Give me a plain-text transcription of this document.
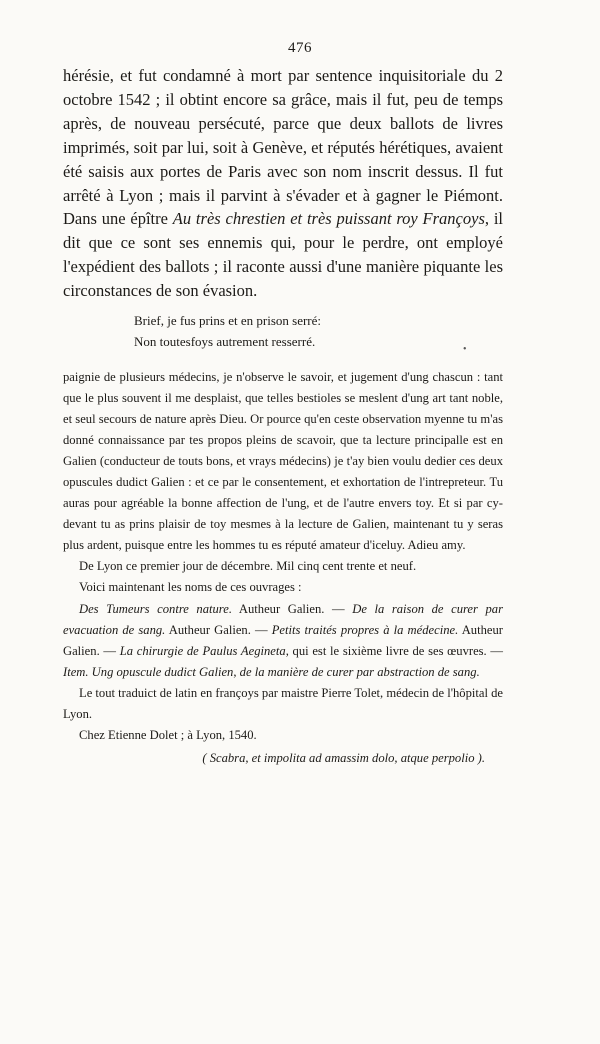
476

hérésie, et fut condamné à mort par sentence inquisitoriale du 2 octobre 1542 ; il obtint encore sa grâce, mais il fut, peu de temps après, de nouveau persécuté, parce que deux ballots de livres imprimés, soit par lui, soit à Genève, et réputés hérétiques, avaient été saisis aux portes de Paris avec son nom inscrit dessus. Il fut arrêté à Lyon ; mais il parvint à s'évader et à gagner le Piémont. Dans une épître Au très chrestien et très puissant roy Françoys, il dit que ce sont ses ennemis qui, pour le perdre, ont employé l'expédient des ballots ; il raconte aussi d'une manière piquante les circonstances de son évasion.

Brief, je fus prins et en prison serré:
Non toutesfoys autrement resserré.
•

paignie de plusieurs médecins, je n'observe le savoir, et jugement d'ung chascun : tant que le plus souvent il me desplaist, que telles bestioles se meslent d'ung art tant noble, et seul secours de nature après Dieu. Or pource qu'en ceste observation myenne tu m'as donné connaissance par tes propos pleins de scavoir, que ta lecture principalle est en Galien (conducteur de touts bons, et vrays médecins) je t'ay bien voulu dedier ces deux opuscules dudict Galien : et ce par le consentement, et exhortation de l'intrepreteur. Tu auras pour agréable la bonne affection de l'ung, et de l'autre envers toy. Et si par cy-devant tu as prins plaisir de toy mesmes à la lecture de Galien, maintenant tu y seras plus ardent, puisque entre les hommes tu es réputé amateur d'iceluy. Adieu amy.

De Lyon ce premier jour de décembre. Mil cinq cent trente et neuf.

Voici maintenant les noms de ces ouvrages :

Des Tumeurs contre nature. Autheur Galien. — De la raison de curer par evacuation de sang. Autheur Galien. — Petits traités propres à la médecine. Autheur Galien. — La chirurgie de Paulus Aegineta, qui est le sixième livre de ses œuvres. — Item. Ung opuscule dudict Galien, de la manière de curer par abstraction de sang.

Le tout traduict de latin en françoys par maistre Pierre Tolet, médecin de l'hôpital de Lyon.

Chez Etienne Dolet ; à Lyon, 1540.

( Scabra, et impolita ad amassim dolo, atque perpolio ).
